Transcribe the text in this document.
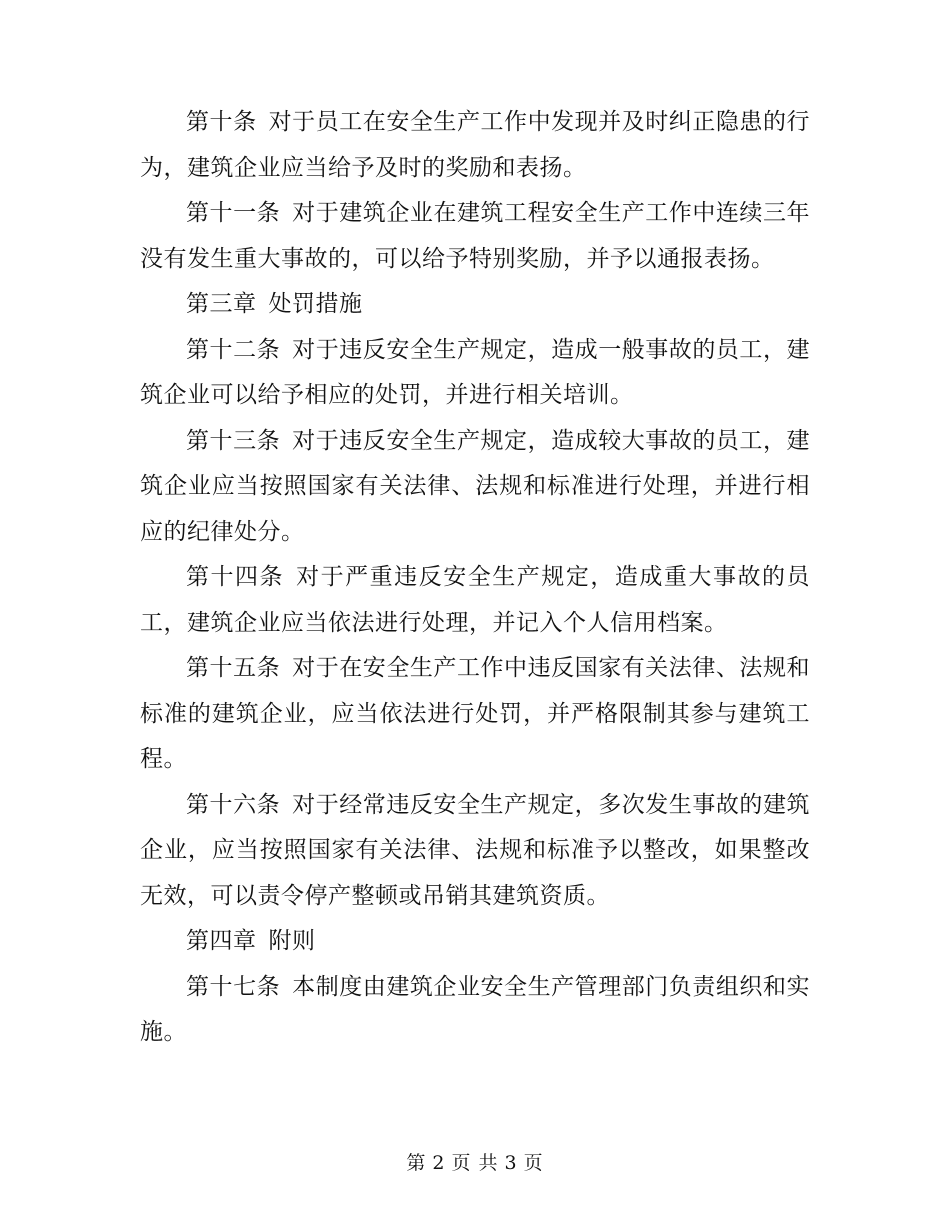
第十条 对于员工在安全生产工作中发现并及时纠正隐患的行为，建筑企业应当给予及时的奖励和表扬。

第十一条 对于建筑企业在建筑工程安全生产工作中连续三年没有发生重大事故的，可以给予特别奖励，并予以通报表扬。

第三章 处罚措施

第十二条 对于违反安全生产规定，造成一般事故的员工，建筑企业可以给予相应的处罚，并进行相关培训。

第十三条 对于违反安全生产规定，造成较大事故的员工，建筑企业应当按照国家有关法律、法规和标准进行处理，并进行相应的纪律处分。

第十四条 对于严重违反安全生产规定，造成重大事故的员工，建筑企业应当依法进行处理，并记入个人信用档案。

第十五条 对于在安全生产工作中违反国家有关法律、法规和标准的建筑企业，应当依法进行处罚，并严格限制其参与建筑工程。

第十六条 对于经常违反安全生产规定，多次发生事故的建筑企业，应当按照国家有关法律、法规和标准予以整改，如果整改无效，可以责令停产整顿或吊销其建筑资质。

第四章 附则

第十七条 本制度由建筑企业安全生产管理部门负责组织和实施。

第 2 页 共 3 页
